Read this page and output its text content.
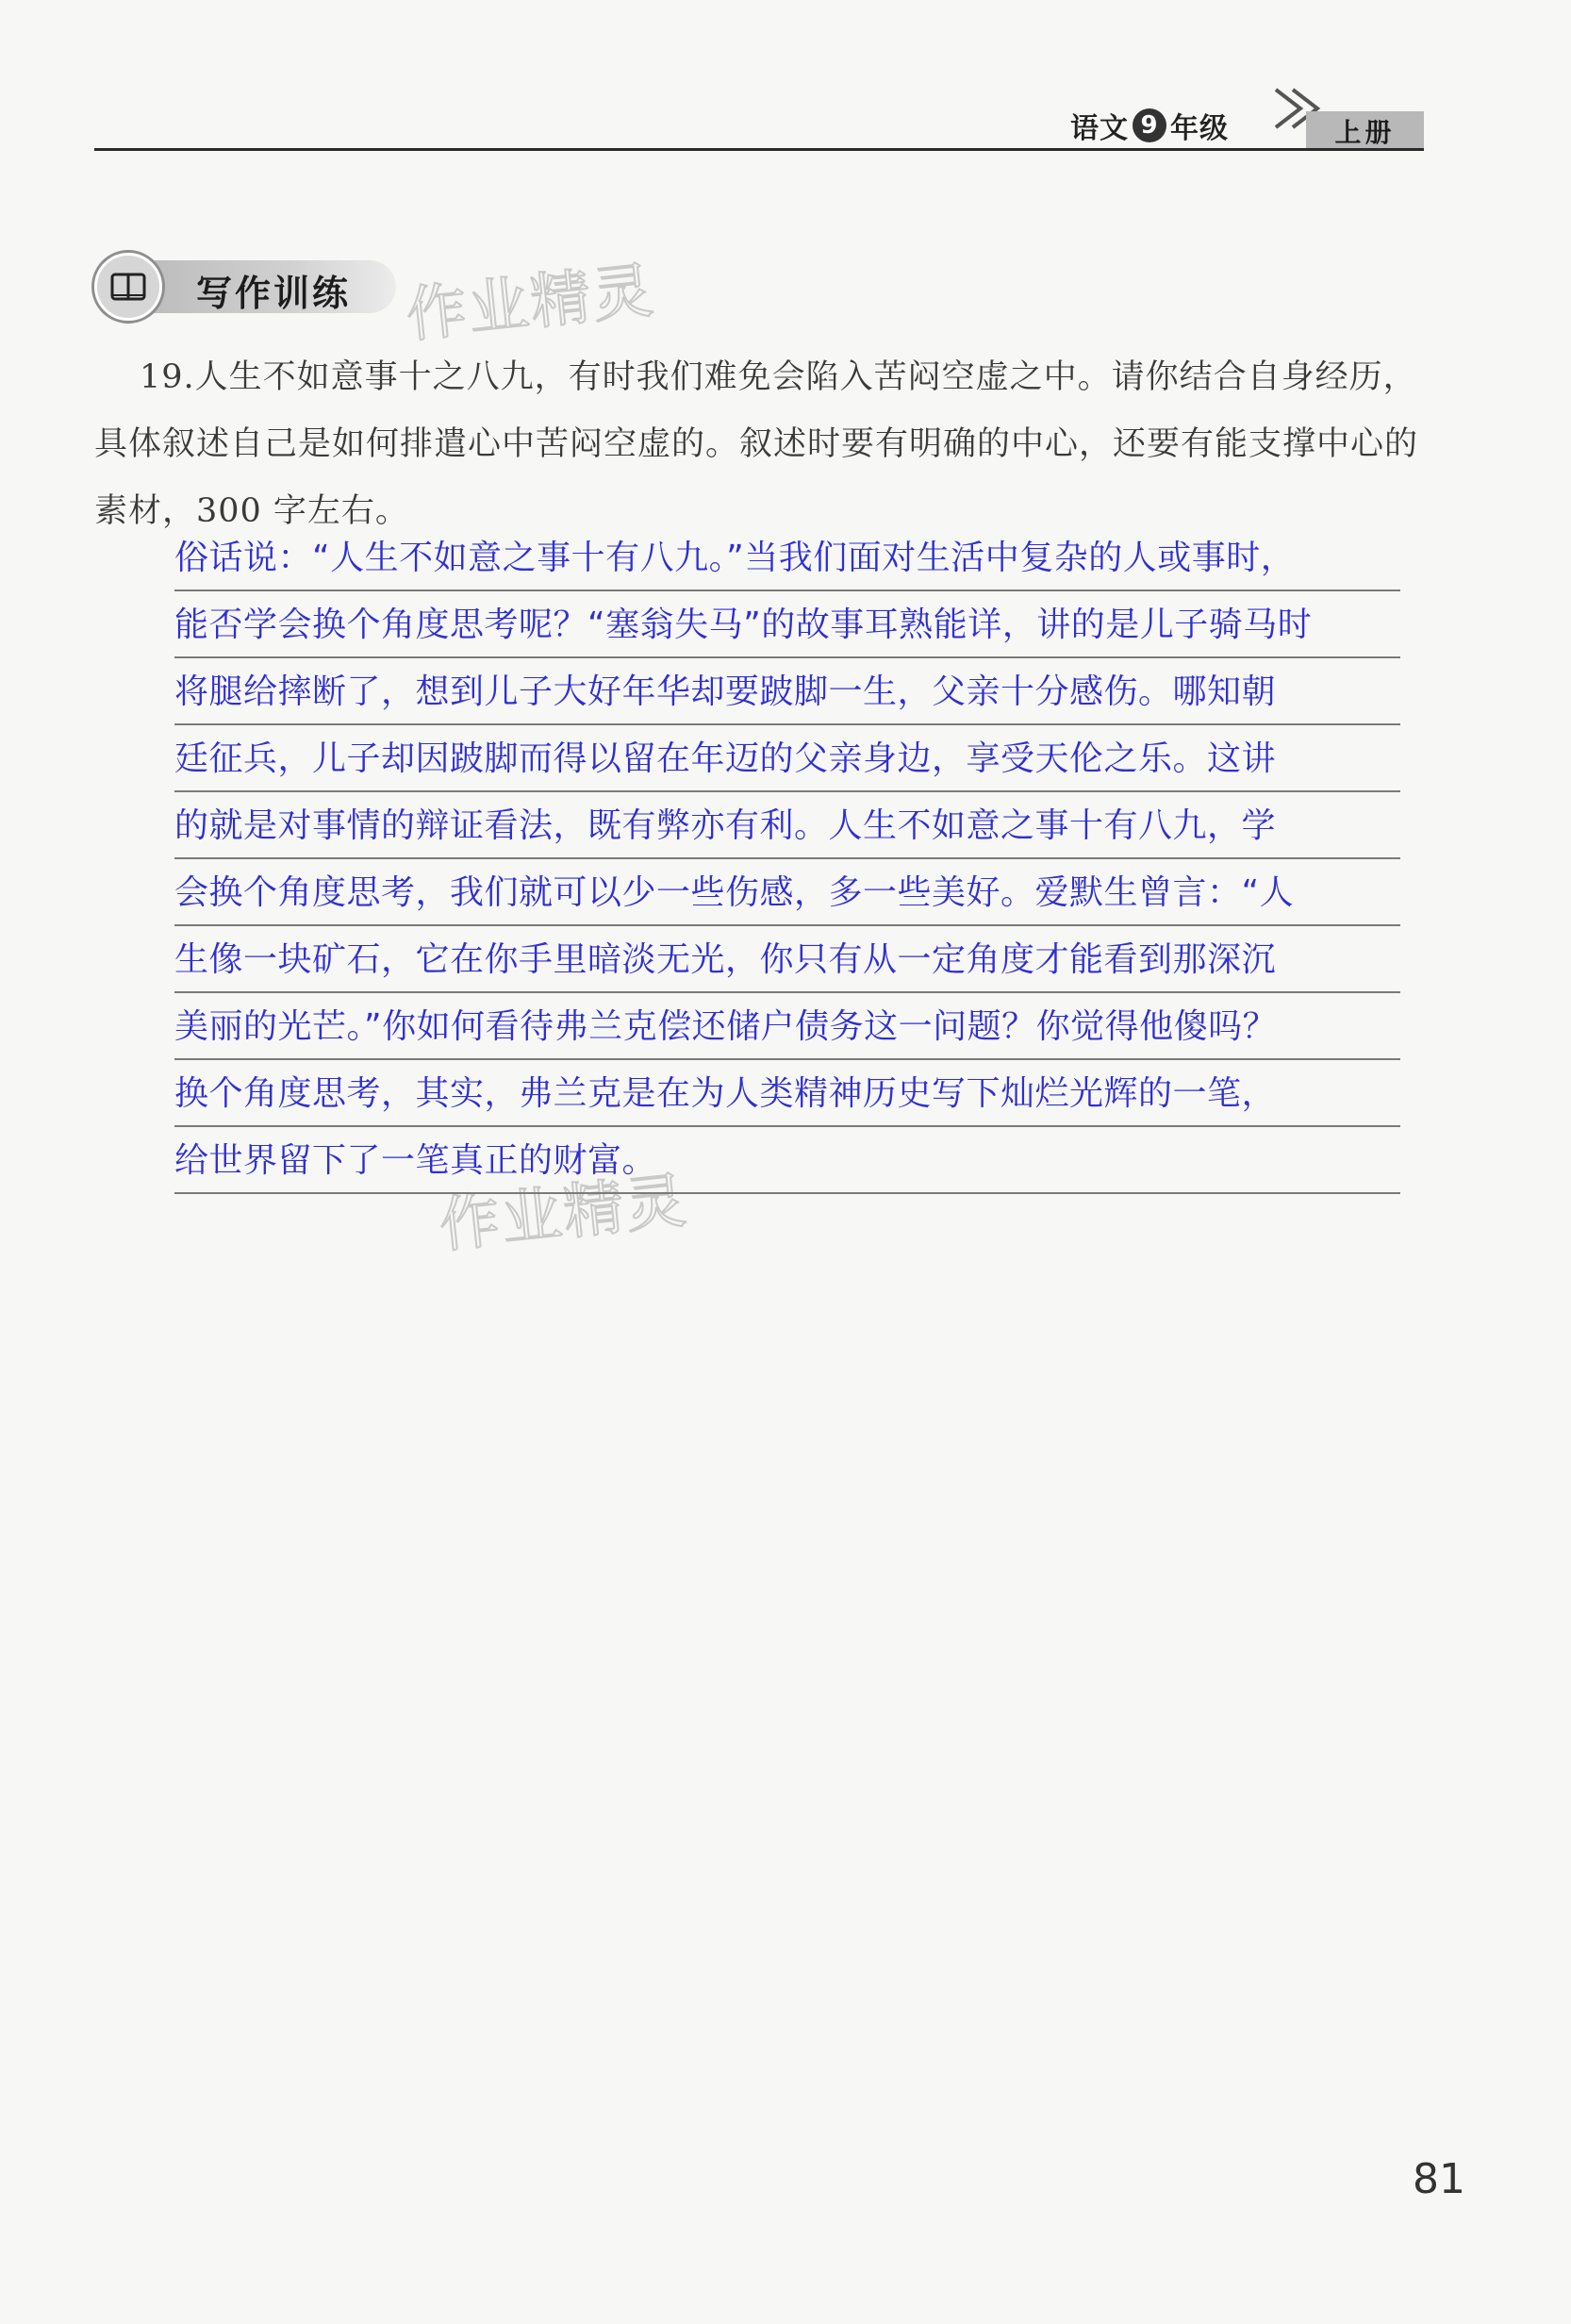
语文 9 年级	上册
写作训练 作业精灵
作业精灵
19.人生不如意事十之八九，有时我们难免会陷入苦闷空虚之中。请你结合自身经历，具体叙述自己是如何排遣心中苦闷空虚的。叙述时要有明确的中心，还要有能支撑中心的素材，300 字左右。
俗话说：“人生不如意之事十有八九。”当我们面对生活中复杂的人或事时，
能否学会换个角度思考呢？“塞翁失马”的故事耳熟能详，讲的是儿子骑马时
将腿给摔断了，想到儿子大好年华却要跛脚一生，父亲十分感伤。哪知朝
廷征兵，儿子却因跛脚而得以留在年迈的父亲身边，享受天伦之乐。这讲
的就是对事情的辩证看法，既有弊亦有利。人生不如意之事十有八九，学
会换个角度思考，我们就可以少一些伤感，多一些美好。爱默生曾言：“人
生像一块矿石，它在你手里暗淡无光，你只有从一定角度才能看到那深沉
美丽的光芒。”你如何看待弗兰克偿还储户债务这一问题？你觉得他傻吗？
换个角度思考，其实，弗兰克是在为人类精神历史写下灿烂光辉的一笔，
给世界留下了一笔真正的财富。
81
